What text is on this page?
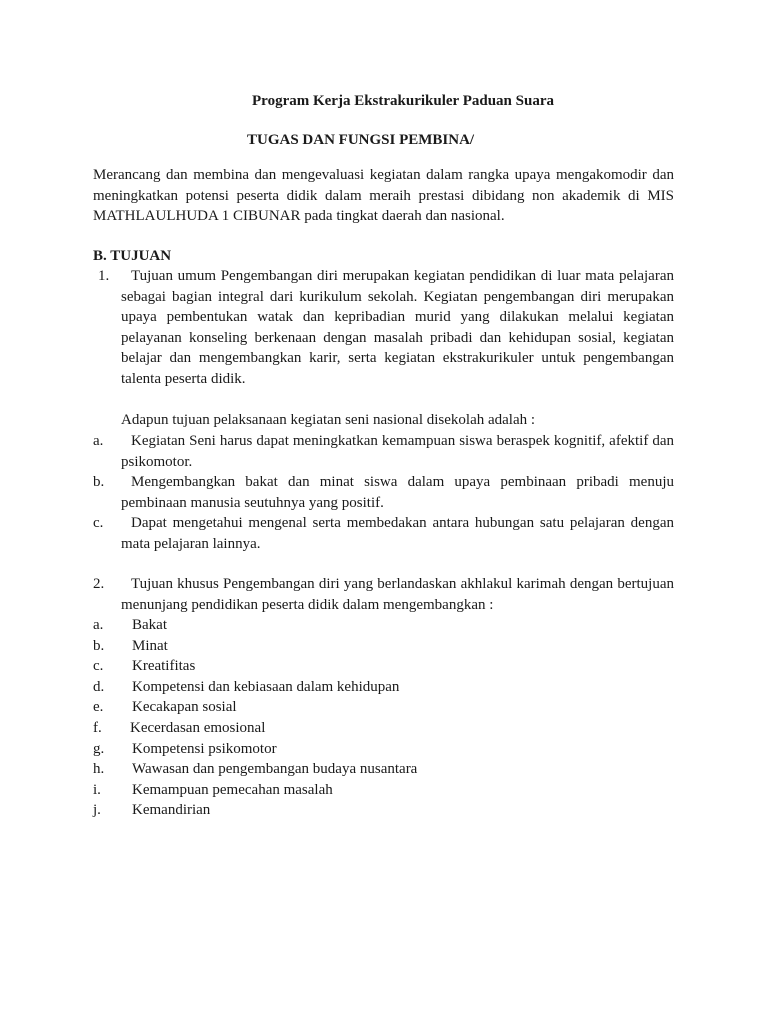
Program Kerja Ekstrakurikuler Paduan Suara
TUGAS DAN FUNGSI PEMBINA/
Merancang dan membina dan mengevaluasi kegiatan dalam rangka upaya mengakomodir dan meningkatkan potensi peserta didik dalam meraih prestasi dibidang non akademik di MIS MATHLAULHUDA 1 CIBUNAR pada tingkat daerah dan nasional.
B. TUJUAN
1.	Tujuan umum Pengembangan diri merupakan kegiatan pendidikan di luar mata pelajaran sebagai bagian integral dari kurikulum sekolah. Kegiatan pengembangan diri merupakan upaya pembentukan watak dan kepribadian murid yang dilakukan melalui kegiatan pelayanan konseling berkenaan dengan masalah pribadi dan kehidupan sosial, kegiatan belajar dan mengembangkan karir, serta kegiatan ekstrakurikuler untuk pengembangan talenta peserta didik.
Adapun tujuan pelaksanaan kegiatan seni nasional disekolah adalah :
a.	Kegiatan Seni harus dapat meningkatkan kemampuan siswa beraspek kognitif, afektif dan psikomotor.
b.	Mengembangkan bakat dan minat siswa dalam upaya pembinaan pribadi menuju pembinaan manusia seutuhnya yang positif.
c.	Dapat mengetahui mengenal serta membedakan antara hubungan satu pelajaran dengan mata pelajaran lainnya.
2.	Tujuan khusus Pengembangan diri yang berlandaskan akhlakul karimah dengan bertujuan menunjang pendidikan peserta didik dalam mengembangkan :
a. Bakat
b. Minat
c. Kreatifitas
d. Kompetensi dan kebiasaan dalam kehidupan
e. Kecakapan sosial
f. Kecerdasan emosional
g. Kompetensi psikomotor
h. Wawasan dan pengembangan budaya nusantara
i. Kemampuan pemecahan masalah
j. Kemandirian
